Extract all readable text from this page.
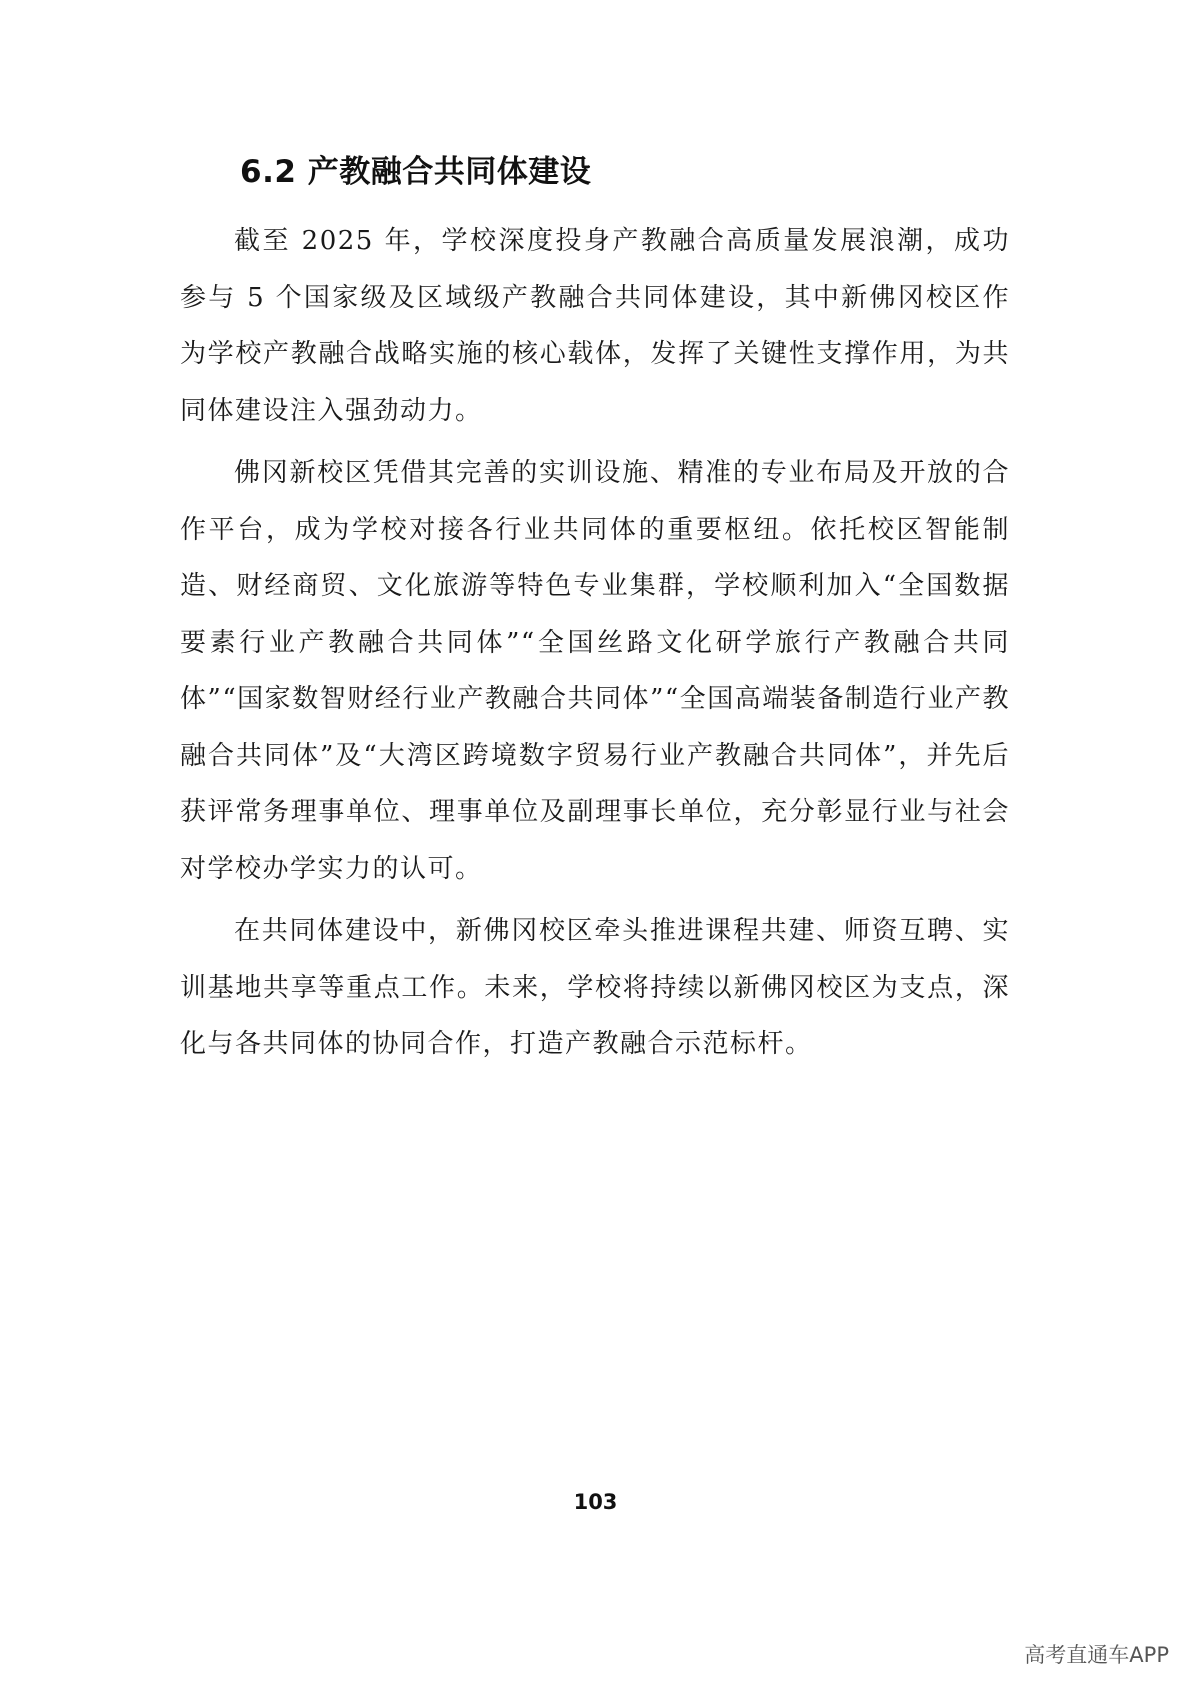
6.2 产教融合共同体建设

截至 2025 年，学校深度投身产教融合高质量发展浪潮，成功参与 5 个国家级及区域级产教融合共同体建设，其中新佛冈校区作为学校产教融合战略实施的核心载体，发挥了关键性支撑作用，为共同体建设注入强劲动力。

佛冈新校区凭借其完善的实训设施、精准的专业布局及开放的合作平台，成为学校对接各行业共同体的重要枢纽。依托校区智能制造、财经商贸、文化旅游等特色专业集群，学校顺利加入“全国数据要素行业产教融合共同体”“全国丝路文化研学旅行产教融合共同体”“国家数智财经行业产教融合共同体”“全国高端装备制造行业产教融合共同体”及“大湾区跨境数字贸易行业产教融合共同体”，并先后获评常务理事单位、理事单位及副理事长单位，充分彰显行业与社会对学校办学实力的认可。

在共同体建设中，新佛冈校区牵头推进课程共建、师资互聘、实训基地共享等重点工作。未来，学校将持续以新佛冈校区为支点，深化与各共同体的协同合作，打造产教融合示范标杆。

103

高考直通车APP
